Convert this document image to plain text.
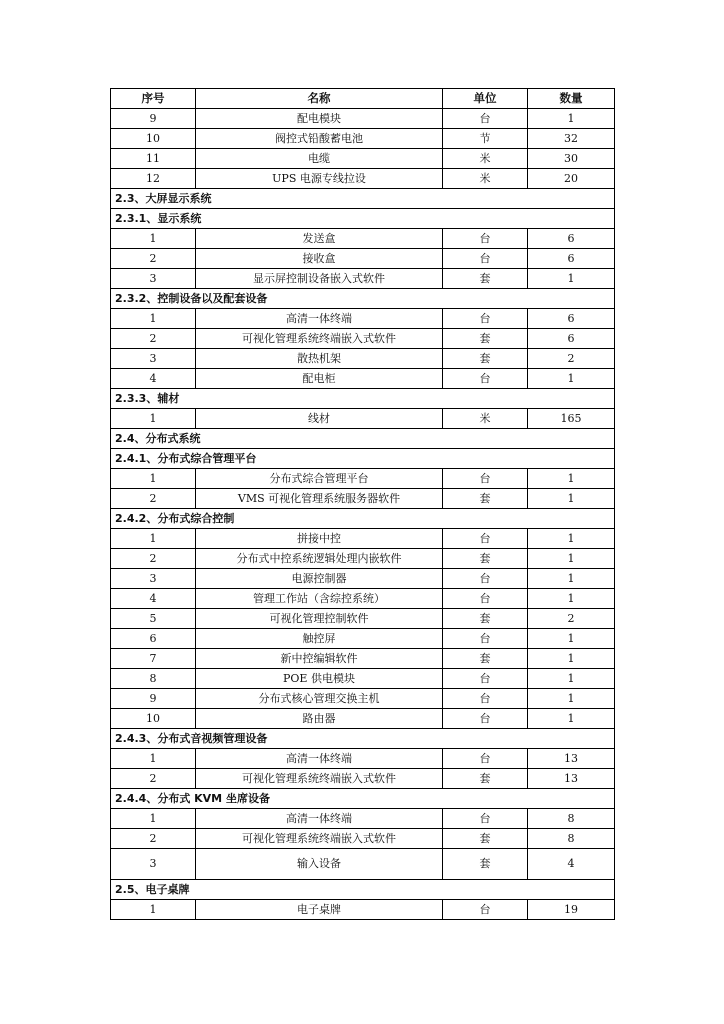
序号	名称	单位	数量
9	配电模块	台	1
10	阀控式铅酸蓄电池	节	32
11	电缆	米	30
12	UPS 电源专线拉设	米	20
2.3、大屏显示系统			
2.3.1、显示系统			
1	发送盒	台	6
2	接收盒	台	6
3	显示屏控制设备嵌入式软件	套	1
2.3.2、控制设备以及配套设备			
1	高清一体终端	台	6
2	可视化管理系统终端嵌入式软件	套	6
3	散热机架	套	2
4	配电柜	台	1
2.3.3、辅材			
1	线材	米	165
2.4、分布式系统			
2.4.1、分布式综合管理平台			
1	分布式综合管理平台	台	1
2	VMS 可视化管理系统服务器软件	套	1
2.4.2、分布式综合控制			
1	拼接中控	台	1
2	分布式中控系统逻辑处理内嵌软件	套	1
3	电源控制器	台	1
4	管理工作站（含综控系统）	台	1
5	可视化管理控制软件	套	2
6	触控屏	台	1
7	新中控编辑软件	套	1
8	POE 供电模块	台	1
9	分布式核心管理交换主机	台	1
10	路由器	台	1
2.4.3、分布式音视频管理设备			
1	高清一体终端	台	13
2	可视化管理系统终端嵌入式软件	套	13
2.4.4、分布式 KVM 坐席设备			
1	高清一体终端	台	8
2	可视化管理系统终端嵌入式软件	套	8
3	输入设备	套	4
2.5、电子桌牌			
1	电子桌牌	台	19
